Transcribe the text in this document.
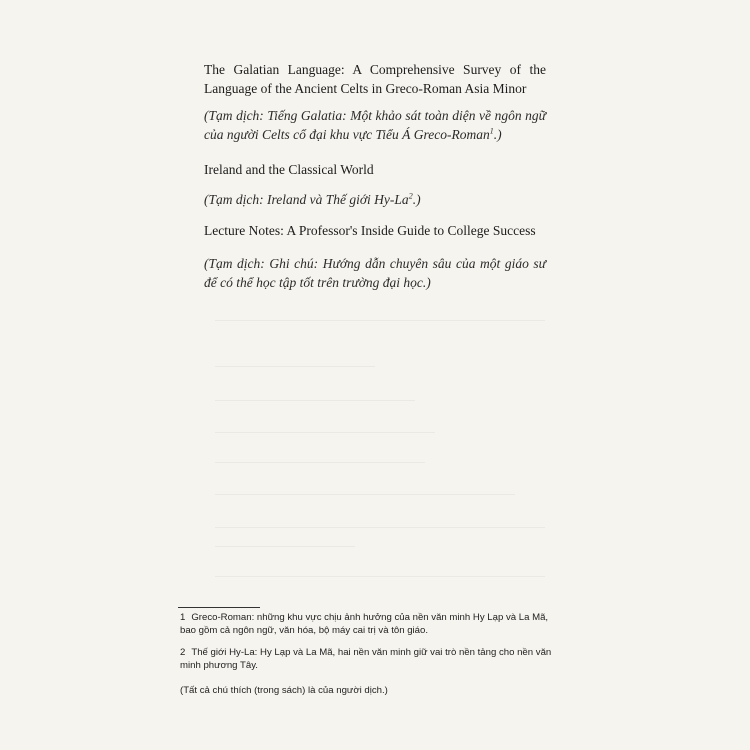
The Galatian Language: A Comprehensive Survey of the Language of the Ancient Celts in Greco-Roman Asia Minor

(Tạm dịch: Tiếng Galatia: Một khảo sát toàn diện về ngôn ngữ của người Celts cổ đại khu vực Tiểu Á Greco-Roman$^1$.)

Ireland and the Classical World

(Tạm dịch: Ireland và Thế giới Hy-La$^2$.)

Lecture Notes: A Professor's Inside Guide to College Success

(Tạm dịch: Ghi chú: Hướng dẫn chuyên sâu của một giáo sư để có thể học tập tốt trên trường đại học.)

1 Greco-Roman: những khu vực chịu ảnh hưởng của nền văn minh Hy Lạp và La Mã, bao gồm cả ngôn ngữ, văn hóa, bộ máy cai trị và tôn giáo.
2 Thế giới Hy-La: Hy Lạp và La Mã, hai nền văn minh giữ vai trò nền tảng cho nền văn minh phương Tây.
(Tất cả chú thích (trong sách) là của người dịch.)
